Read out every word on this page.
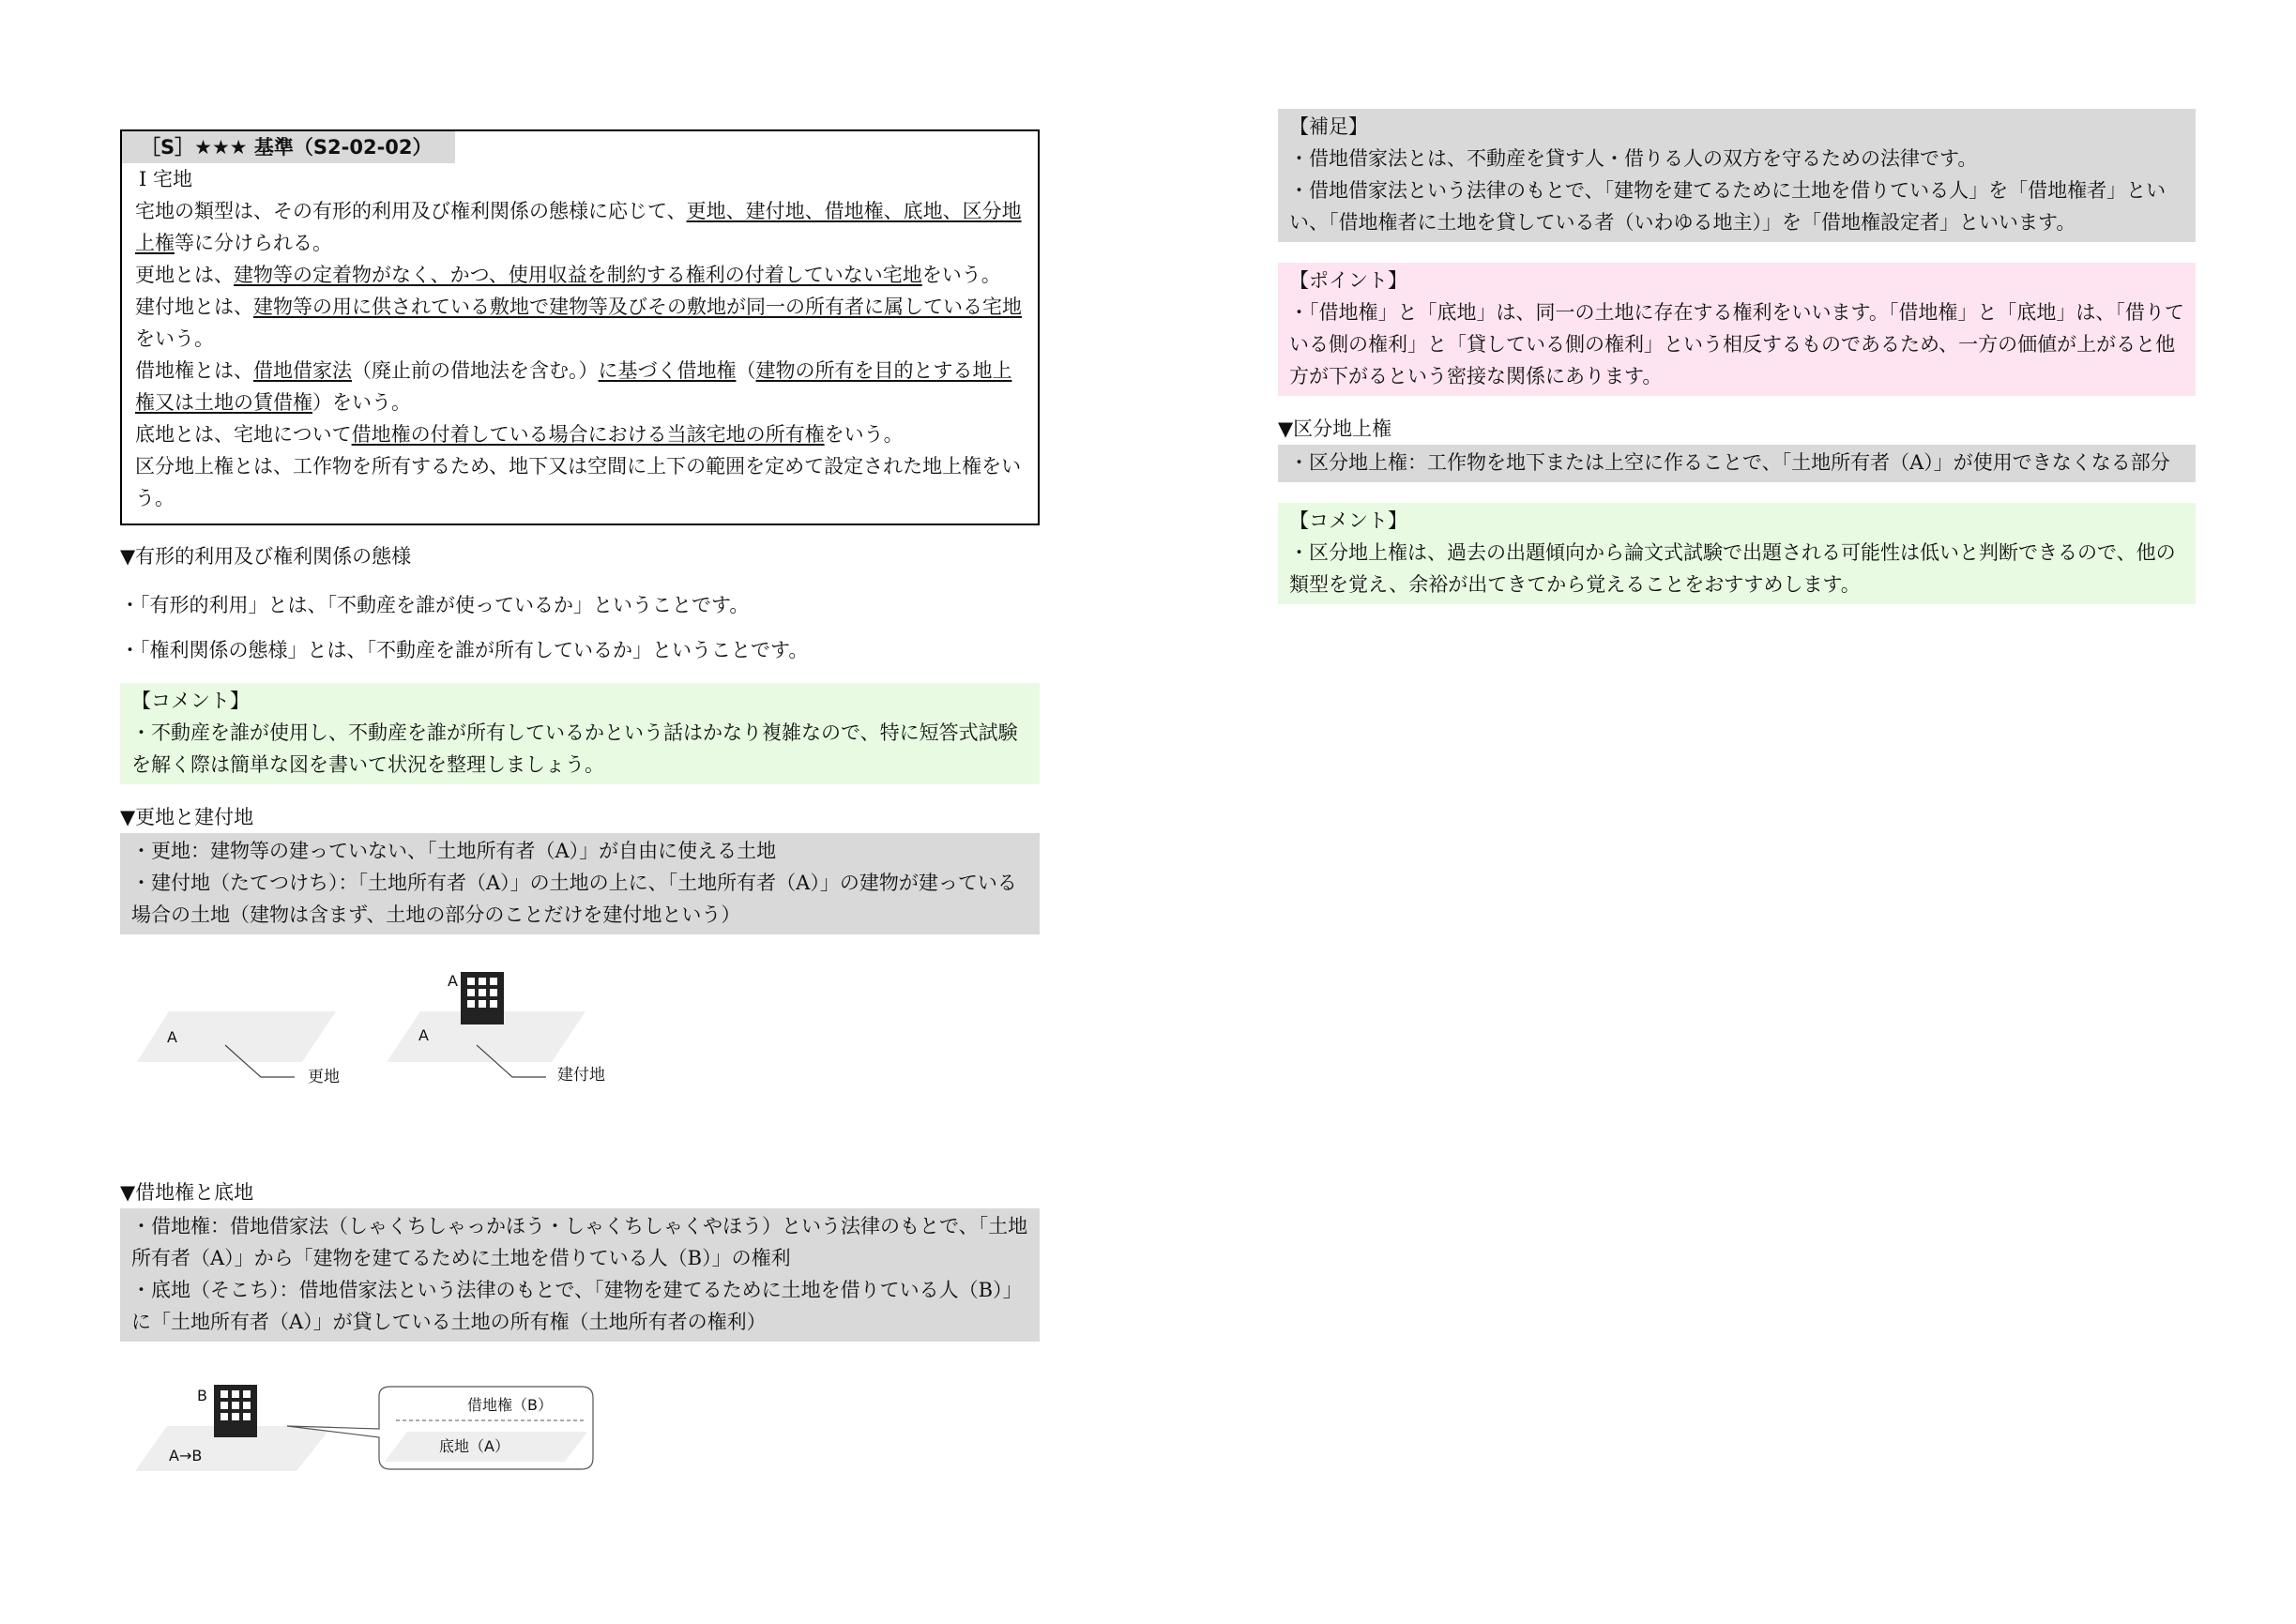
［S］★★★ 基準（S2-02-02）

Ⅰ 宅地

宅地の類型は、その有形的利用及び権利関係の態様に応じて、更地、建付地、借地権、底地、区分地上権等に分けられる。

更地とは、建物等の定着物がなく、かつ、使用収益を制約する権利の付着していない宅地をいう。

建付地とは、建物等の用に供されている敷地で建物等及びその敷地が同一の所有者に属している宅地をいう。

借地権とは、借地借家法（廃止前の借地法を含む。）に基づく借地権（建物の所有を目的とする地上権又は土地の賃借権）をいう。

底地とは、宅地について借地権の付着している場合における当該宅地の所有権をいう。

区分地上権とは、工作物を所有するため、地下又は空間に上下の範囲を定めて設定された地上権をいう。

▼有形的利用及び権利関係の態様

・「有形的利用」とは、「不動産を誰が使っているか」ということです。

・「権利関係の態様」とは、「不動産を誰が所有しているか」ということです。

【コメント】

・不動産を誰が使用し、不動産を誰が所有しているかという話はかなり複雑なので、特に短答式試験を解く際は簡単な図を書いて状況を整理しましょう。

▼更地と建付地

・更地：建物等の建っていない、「土地所有者（A）」が自由に使える土地

・建付地（たてつけち）：「土地所有者（A）」の土地の上に、「土地所有者（A）」の建物が建っている場合の土地（建物は含まず、土地の部分のことだけを建付地という）

A	A
A
更地	建付地

▼借地権と底地

・借地権：借地借家法（しゃくちしゃっかほう・しゃくちしゃくやほう）という法律のもとで、「土地所有者（A）」から「建物を建てるために土地を借りている人（B）」の権利

・底地（そこち）：借地借家法という法律のもとで、「建物を建てるために土地を借りている人（B）」に「土地所有者（A）」が貸している土地の所有権（土地所有者の権利）

B
A→B
借地権（B）
底地（A）

【補足】

・借地借家法とは、不動産を貸す人・借りる人の双方を守るための法律です。

・借地借家法という法律のもとで、「建物を建てるために土地を借りている人」を「借地権者」といい、「借地権者に土地を貸している者（いわゆる地主）」を「借地権設定者」といいます。

【ポイント】

・「借地権」と「底地」は、同一の土地に存在する権利をいいます。「借地権」と「底地」は、「借りている側の権利」と「貸している側の権利」という相反するものであるため、一方の価値が上がると他方が下がるという密接な関係にあります。

▼区分地上権

・区分地上権：工作物を地下または上空に作ることで、「土地所有者（A）」が使用できなくなる部分

【コメント】

・区分地上権は、過去の出題傾向から論文式試験で出題される可能性は低いと判断できるので、他の類型を覚え、余裕が出てきてから覚えることをおすすめします。
